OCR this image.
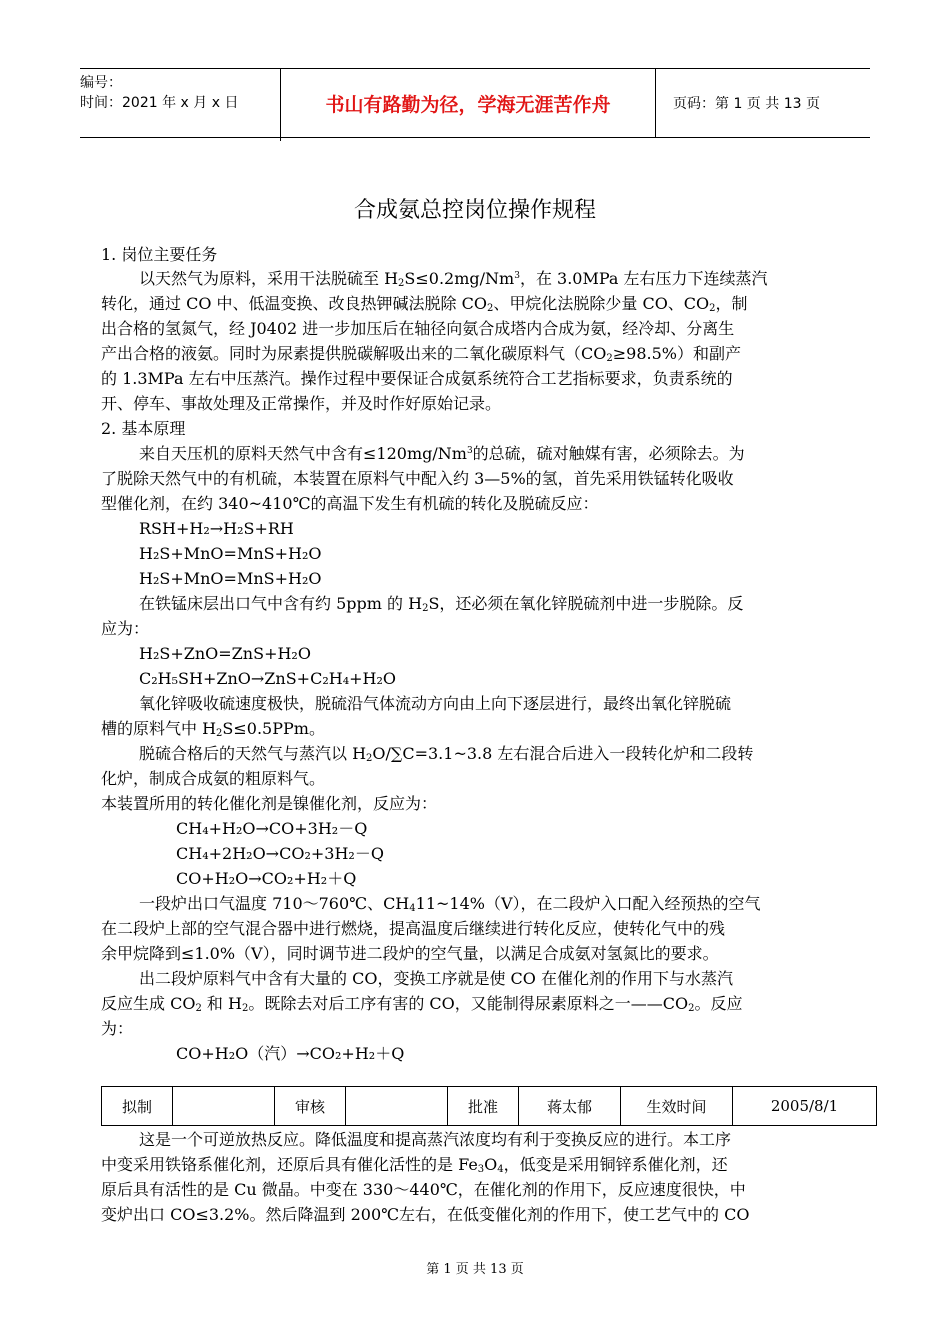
编号：
时间：2021 年 x 月 x 日	书山有路勤为径，学海无涯苦作舟	页码：第 1 页 共 13 页
合成氨总控岗位操作规程
1. 岗位主要任务
以天然气为原料，采用干法脱硫至 $H_2S\le 0.2mg/Nm^3$，在 3.0MPa 左右压力下连续蒸汽
转化，通过 CO 中、低温变换、改良热钾碱法脱除 $CO_2$、甲烷化法脱除少量 CO、$CO_2$，制
出合格的氢氮气，经 J0402 进一步加压后在轴径向氨合成塔内合成为氨，经冷却、分离生
产出合格的液氨。同时为尿素提供脱碳解吸出来的二氧化碳原料气$(CO_2\ge 98.5\%)$和副产
的 1.3MPa 左右中压蒸汽。操作过程中要保证合成氨系统符合工艺指标要求，负责系统的
开、停车、事故处理及正常操作，并及时作好原始记录。
2. 基本原理
来自天压机的原料天然气中含有$\le 120mg/Nm^3$的总硫，硫对触媒有害，必须除去。为
了脱除天然气中的有机硫，本装置在原料气中配入约 3—5%的氢，首先采用铁锰转化吸收
型催化剂，在约 340~410℃的高温下发生有机硫的转化及脱硫反应：
RSH+H₂→H₂S+RH
H₂S+MnO=MnS+H₂O
H₂S+MnO=MnS+H₂O
在铁锰床层出口气中含有约 5ppm 的 $H_2S$，还必须在氧化锌脱硫剂中进一步脱除。反
应为：
H₂S+ZnO=ZnS+H₂O
C₂H₅SH+ZnO→ZnS+C₂H₄+H₂O
氧化锌吸收硫速度极快，脱硫沿气体流动方向由上向下逐层进行，最终出氧化锌脱硫
槽的原料气中 $H_2S\le 0.5PPm$。
脱硫合格后的天然气与蒸汽以 $H_2O/\sum C=3.1\sim 3.8$ 左右混合后进入一段转化炉和二段转
化炉，制成合成氨的粗原料气。
本装置所用的转化催化剂是镍催化剂，反应为：
CH₄+H₂O→CO+3H₂－Q
CH₄+2H₂O→CO₂+3H₂－Q
CO+H₂O→CO₂+H₂＋Q
一段炉出口气温度 710～760℃、$CH_411\sim 14\%(V)$，在二段炉入口配入经预热的空气
在二段炉上部的空气混合器中进行燃烧，提高温度后继续进行转化反应，使转化气中的残
余甲烷降到≤1.0%（V），同时调节进二段炉的空气量，以满足合成氨对氢氮比的要求。
出二段炉原料气中含有大量的 CO，变换工序就是使 CO 在催化剂的作用下与水蒸汽
反应生成 $CO_2$ 和 $H_2$。既除去对后工序有害的 CO，又能制得尿素原料之一$——CO_2$。反应
为：
CO+H₂O（汽）→CO₂+H₂＋Q
拟制		审核		批准	蒋太郁	生效时间	2005/8/1
这是一个可逆放热反应。降低温度和提高蒸汽浓度均有利于变换反应的进行。本工序
中变采用铁铬系催化剂，还原后具有催化活性的是 $Fe_3O_4$，低变是采用铜锌系催化剂，还
原后具有活性的是 Cu 微晶。中变在 330～440℃，在催化剂的作用下，反应速度很快，中
变炉出口 CO≤3.2%。然后降温到 200℃左右，在低变催化剂的作用下，使工艺气中的 CO
第 1 页 共 13 页
